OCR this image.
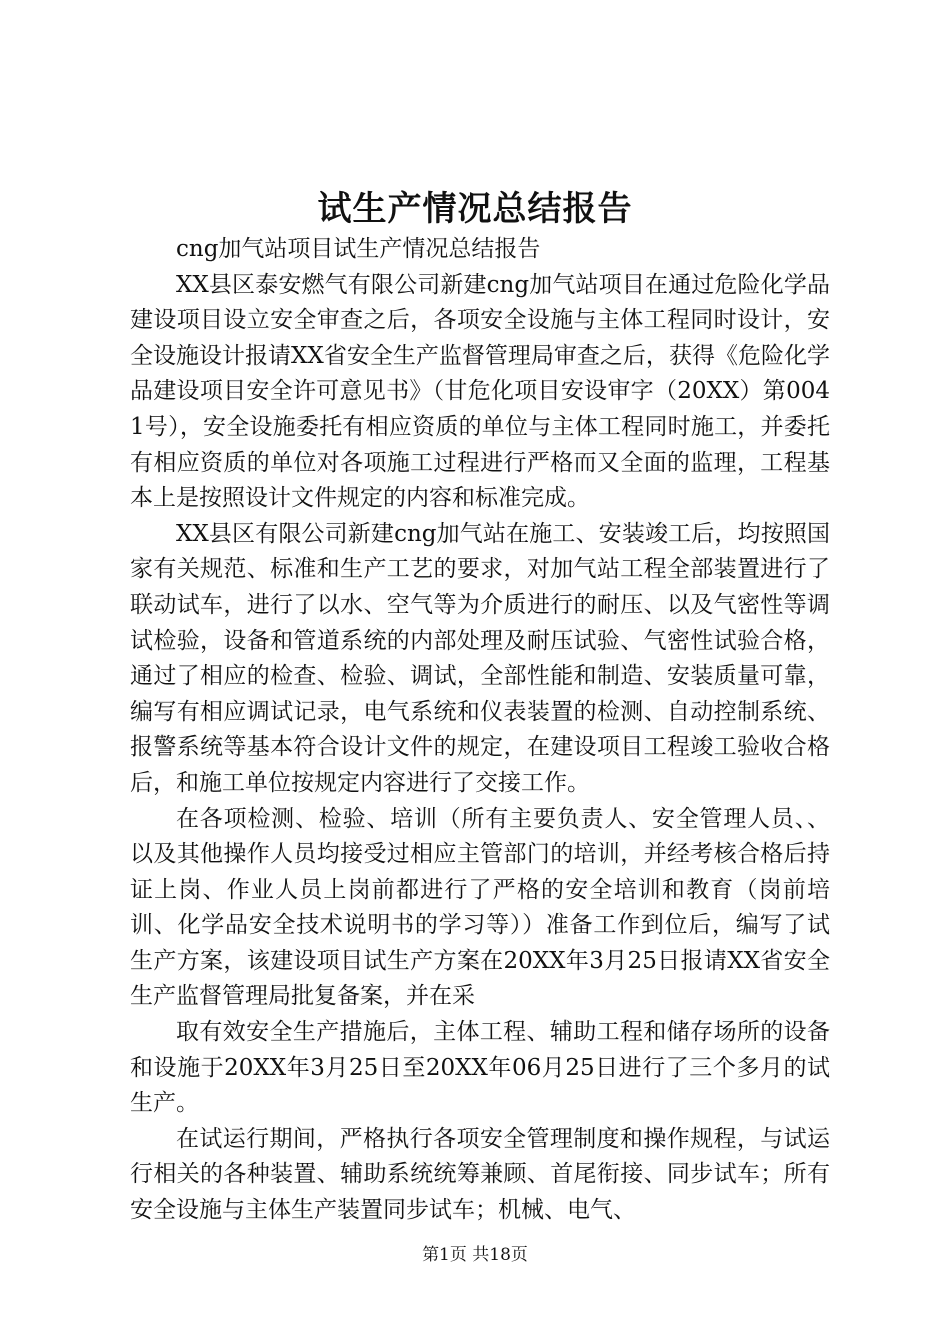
试生产情况总结报告

cng加气站项目试生产情况总结报告

XX县区泰安燃气有限公司新建cng加气站项目在通过危险化学品建设项目设立安全审查之后，各项安全设施与主体工程同时设计，安全设施设计报请XX省安全生产监督管理局审查之后，获得《危险化学品建设项目安全许可意见书》（甘危化项目安设审字（20XX）第0041号），安全设施委托有相应资质的单位与主体工程同时施工，并委托有相应资质的单位对各项施工过程进行严格而又全面的监理，工程基本上是按照设计文件规定的内容和标准完成。

XX县区有限公司新建cng加气站在施工、安装竣工后，均按照国家有关规范、标准和生产工艺的要求，对加气站工程全部装置进行了联动试车，进行了以水、空气等为介质进行的耐压、以及气密性等调试检验，设备和管道系统的内部处理及耐压试验、气密性试验合格，通过了相应的检查、检验、调试，全部性能和制造、安装质量可靠，编写有相应调试记录，电气系统和仪表装置的检测、自动控制系统、报警系统等基本符合设计文件的规定，在建设项目工程竣工验收合格后，和施工单位按规定内容进行了交接工作。

在各项检测、检验、培训（所有主要负责人、安全管理人员、、以及其他操作人员均接受过相应主管部门的培训，并经考核合格后持证上岗、作业人员上岗前都进行了严格的安全培训和教育（岗前培训、化学品安全技术说明书的学习等））准备工作到位后，编写了试生产方案，该建设项目试生产方案在20XX年3月25日报请XX省安全生产监督管理局批复备案，并在采

取有效安全生产措施后，主体工程、辅助工程和储存场所的设备和设施于20XX年3月25日至20XX年06月25日进行了三个多月的试生产。

在试运行期间，严格执行各项安全管理制度和操作规程，与试运行相关的各种装置、辅助系统统筹兼顾、首尾衔接、同步试车；所有安全设施与主体生产装置同步试车；机械、电气、

第1页 共18页
